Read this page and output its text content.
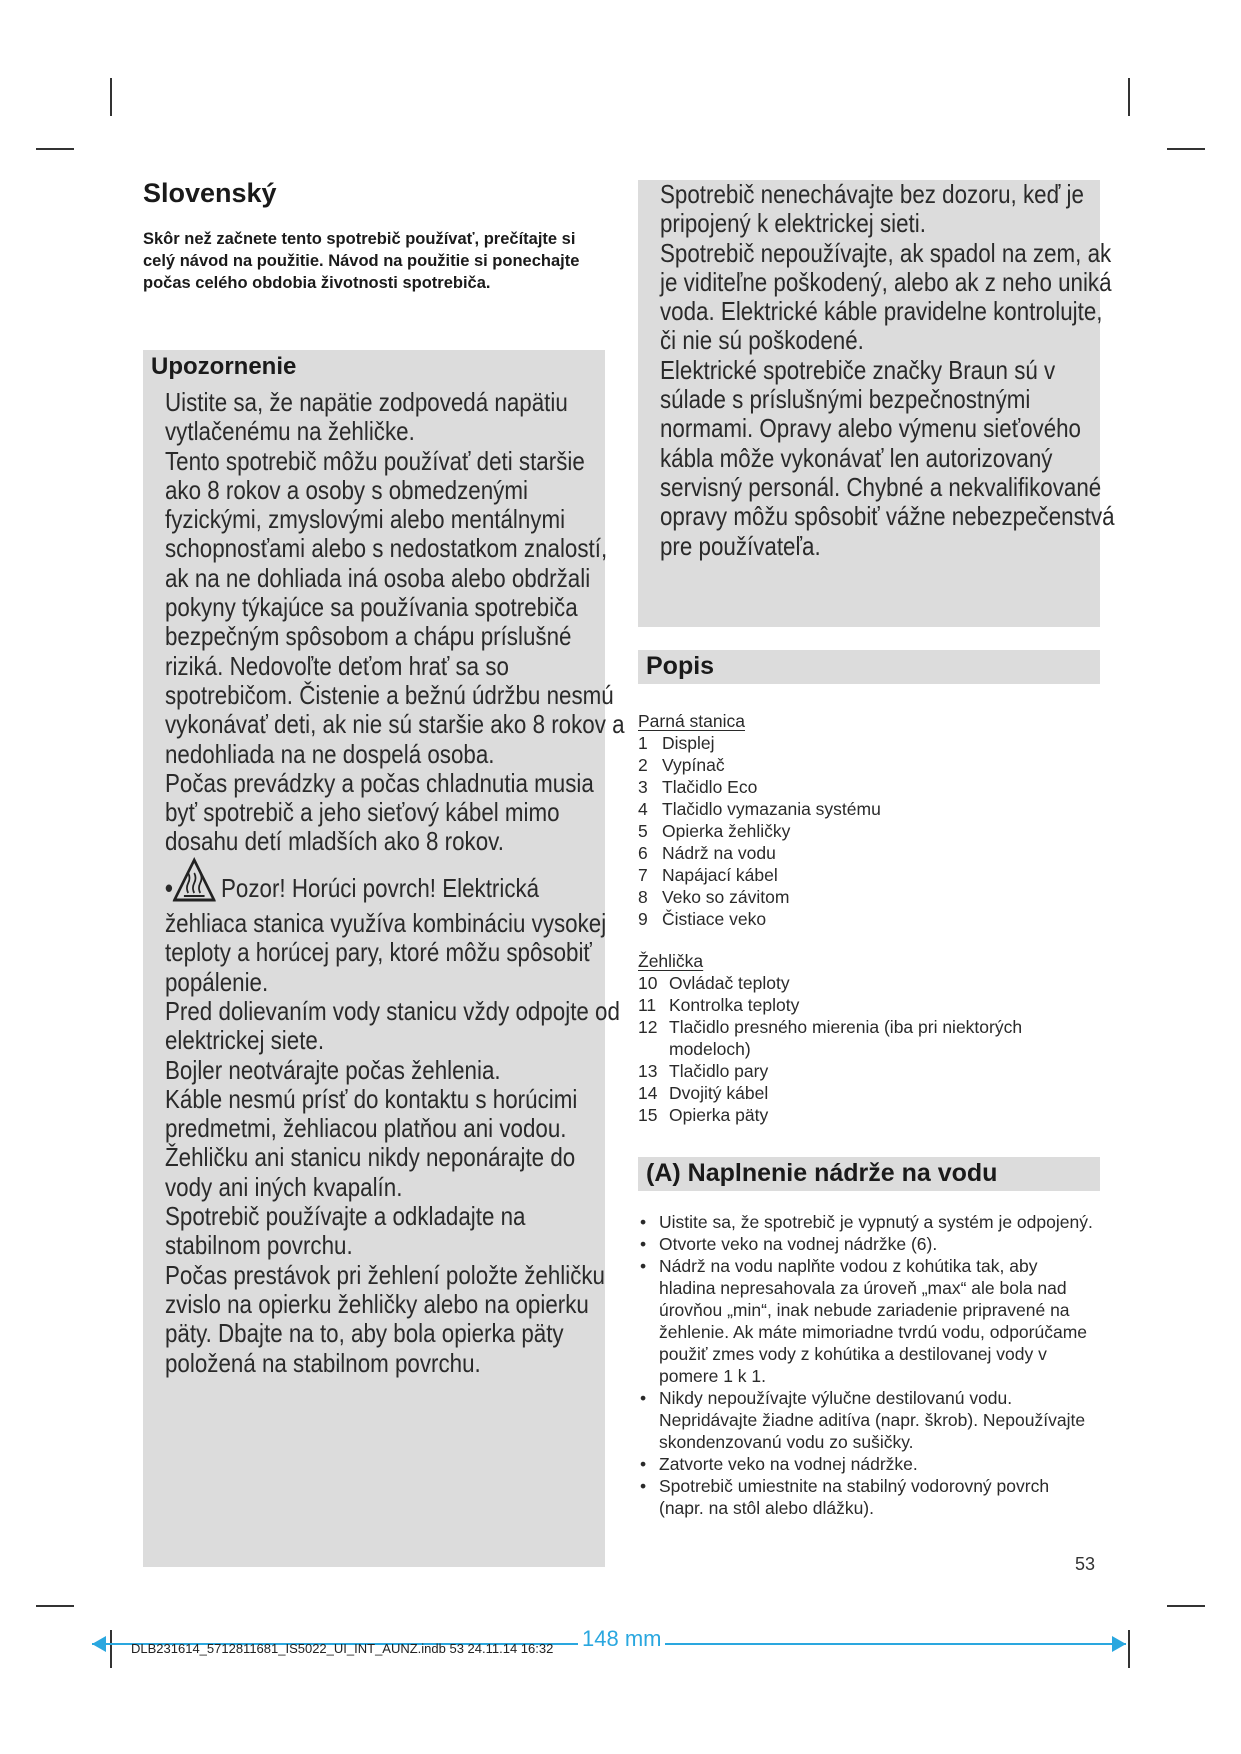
Slovenský

Skôr než začnete tento spotrebič používať, prečítajte si celý návod na použitie. Návod na použitie si ponechajte počas celého obdobia životnosti spotrebiča.

Upozornenie

Uistite sa, že napätie zodpovedá napätiu vytlačenému na žehličke.

Tento spotrebič môžu používať deti staršie ako 8 rokov a osoby s obmedzenými fyzickými, zmyslovými alebo mentálnymi schopnosťami alebo s nedostatkom znalostí, ak na ne dohliada iná osoba alebo obdržali pokyny týkajúce sa používania spotrebiča bezpečným spôsobom a chápu príslušné riziká. Nedovoľte deťom hrať sa so spotrebičom. Čistenie a bežnú údržbu nesmú vykonávať deti, ak nie sú staršie ako 8 rokov a nedohliada na ne dospelá osoba.

Počas prevádzky a počas chladnutia musia byť spotrebič a jeho sieťový kábel mimo dosahu detí mladších ako 8 rokov.

• Pozor! Horúci povrch! Elektrická žehliaca stanica využíva kombináciu vysokej teploty a horúcej pary, ktoré môžu spôsobiť popálenie.

Pred dolievaním vody stanicu vždy odpojte od elektrickej siete.

Bojler neotvárajte počas žehlenia.

Káble nesmú prísť do kontaktu s horúcimi predmetmi, žehliacou platňou ani vodou.

Žehličku ani stanicu nikdy neponárajte do vody ani iných kvapalín.

Spotrebič používajte a odkladajte na stabilnom povrchu.

Počas prestávok pri žehlení položte žehličku zvislo na opierku žehličky alebo na opierku päty. Dbajte na to, aby bola opierka päty položená na stabilnom povrchu.

Spotrebič nenechávajte bez dozoru, keď je pripojený k elektrickej sieti.

Spotrebič nepoužívajte, ak spadol na zem, ak je viditeľne poškodený, alebo ak z neho uniká voda. Elektrické káble pravidelne kontrolujte, či nie sú poškodené.

Elektrické spotrebiče značky Braun sú v súlade s príslušnými bezpečnostnými normami. Opravy alebo výmenu sieťového kábla môže vykonávať len autorizovaný servisný personál. Chybné a nekvalifikované opravy môžu spôsobiť vážne nebezpečenstvá pre používateľa.

Popis
Parná stanica
1 Displej
2 Vypínač
3 Tlačidlo Eco
4 Tlačidlo vymazania systému
5 Opierka žehličky
6 Nádrž na vodu
7 Napájací kábel
8 Veko so závitom
9 Čistiace veko
Žehlička
10 Ovládač teploty
11 Kontrolka teploty
12 Tlačidlo presného mierenia (iba pri niektorých modeloch)
13 Tlačidlo pary
14 Dvojitý kábel
15 Opierka päty
(A) Naplnenie nádrže na vodu
• Uistite sa, že spotrebič je vypnutý a systém je odpojený.
• Otvorte veko na vodnej nádržke (6).
• Nádrž na vodu naplňte vodou z kohútika tak, aby hladina nepresahovala za úroveň „max“ ale bola nad úrovňou „min“, inak nebude zariadenie pripravené na žehlenie. Ak máte mimoriadne tvrdú vodu, odporúčame použiť zmes vody z kohútika a destilovanej vody v pomere 1 k 1.
• Nikdy nepoužívajte výlučne destilovanú vodu. Nepridávajte žiadne aditíva (napr. škrob). Nepoužívajte skondenzovanú vodu zo sušičky.
• Zatvorte veko na vodnej nádržke.
• Spotrebič umiestnite na stabilný vodorovný povrch (napr. na stôl alebo dlážku).
53
148 mm
DLB231614_5712811681_IS5022_UI_INT_AUNZ.indb 53 24.11.14 16:32
